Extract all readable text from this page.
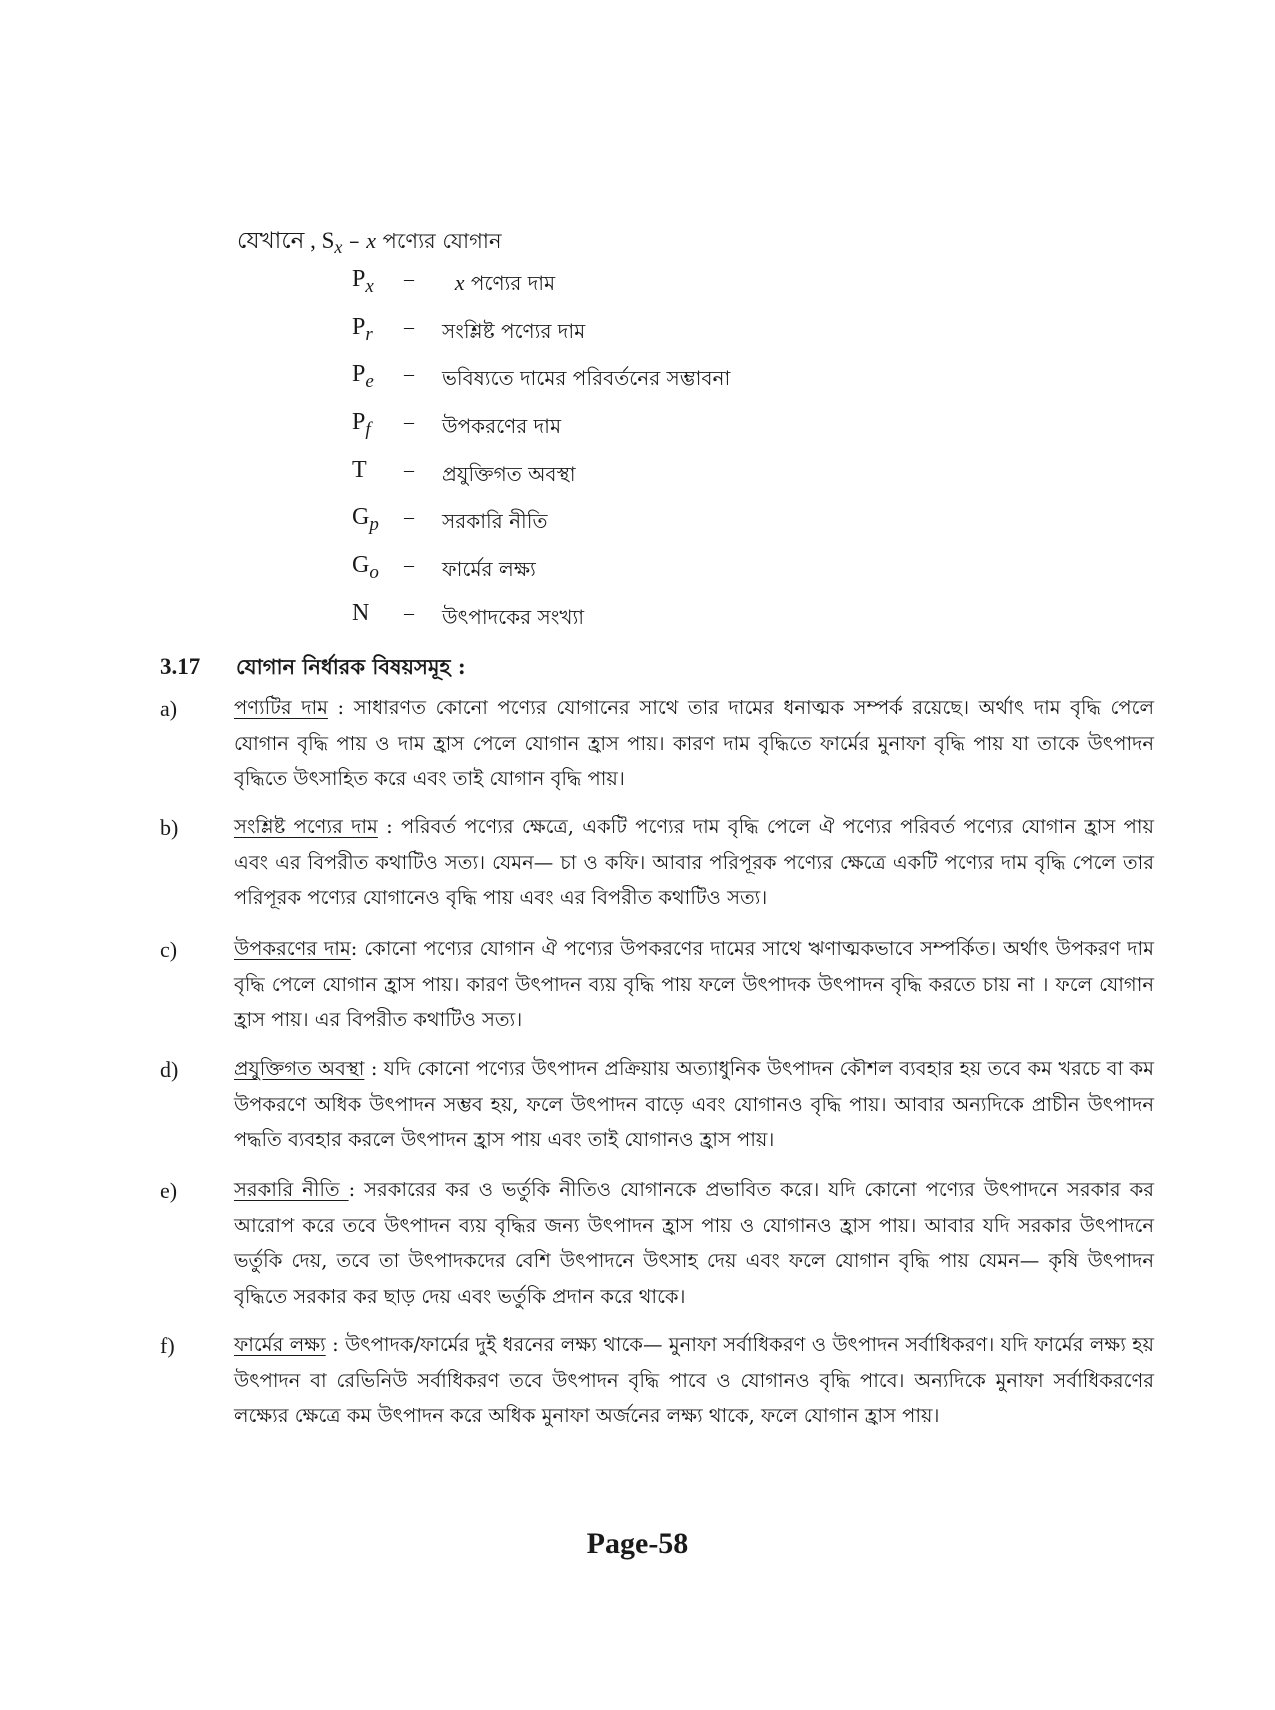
যেখানে , Sx – x পণ্যের যোগান
$P_x$ –	x পণ্যের দাম
$P_r$ – সংশ্লিষ্ট পণ্যের দাম
$P_e$ – ভবিষ্যতে দামের পরিবর্তনের সম্ভাবনা
$P_f$ – উপকরণের দাম
T – প্রযুক্তিগত অবস্থা
$G_p$ – সরকারি নীতি
$G_o$ – ফার্মের লক্ষ্য
N – উৎপাদকের সংখ্যা
3.17 যোগান নির্ধারক বিষয়সমূহ :
a)	পণ্যটির দাম : সাধারণত কোনো পণ্যের যোগানের সাথে তার দামের ধনাত্মক সম্পর্ক রয়েছে। অর্থাৎ দাম বৃদ্ধি পেলে যোগান বৃদ্ধি পায় ও দাম হ্রাস পেলে যোগান হ্রাস পায়। কারণ দাম বৃদ্ধিতে ফার্মের মুনাফা বৃদ্ধি পায় যা তাকে উৎপাদন বৃদ্ধিতে উৎসাহিত করে এবং তাই যোগান বৃদ্ধি পায়।
b)	সংশ্লিষ্ট পণ্যের দাম : পরিবর্ত পণ্যের ক্ষেত্রে, একটি পণ্যের দাম বৃদ্ধি পেলে ঐ পণ্যের পরিবর্ত পণ্যের যোগান হ্রাস পায় এবং এর বিপরীত কথাটিও সত্য। যেমন— চা ও কফি। আবার পরিপূরক পণ্যের ক্ষেত্রে একটি পণ্যের দাম বৃদ্ধি পেলে তার পরিপূরক পণ্যের যোগানেও বৃদ্ধি পায় এবং এর বিপরীত কথাটিও সত্য।
c)	উপকরণের দাম: কোনো পণ্যের যোগান ঐ পণ্যের উপকরণের দামের সাথে ঋণাত্মকভাবে সম্পর্কিত। অর্থাৎ উপকরণ দাম বৃদ্ধি পেলে যোগান হ্রাস পায়। কারণ উৎপাদন ব্যয় বৃদ্ধি পায় ফলে উৎপাদক উৎপাদন বৃদ্ধি করতে চায় না । ফলে যোগান হ্রাস পায়। এর বিপরীত কথাটিও সত্য।
d)	প্রযুক্তিগত অবস্থা : যদি কোনো পণ্যের উৎপাদন প্রক্রিয়ায় অত্যাধুনিক উৎপাদন কৌশল ব্যবহার হয় তবে কম খরচে বা কম উপকরণে অধিক উৎপাদন সম্ভব হয়, ফলে উৎপাদন বাড়ে এবং যোগানও বৃদ্ধি পায়। আবার অন্যদিকে প্রাচীন উৎপাদন পদ্ধতি ব্যবহার করলে উৎপাদন হ্রাস পায় এবং তাই যোগানও হ্রাস পায়।
e)	সরকারি নীতি : সরকারের কর ও ভর্তুকি নীতিও যোগানকে প্রভাবিত করে। যদি কোনো পণ্যের উৎপাদনে সরকার কর আরোপ করে তবে উৎপাদন ব্যয় বৃদ্ধির জন্য উৎপাদন হ্রাস পায় ও যোগানও হ্রাস পায়। আবার যদি সরকার উৎপাদনে ভর্তুকি দেয়, তবে তা উৎপাদকদের বেশি উৎপাদনে উৎসাহ দেয় এবং ফলে যোগান বৃদ্ধি পায় যেমন— কৃষি উৎপাদন বৃদ্ধিতে সরকার কর ছাড় দেয় এবং ভর্তুকি প্রদান করে থাকে।
f)	ফার্মের লক্ষ্য : উৎপাদক/ফার্মের দুই ধরনের লক্ষ্য থাকে— মুনাফা সর্বাধিকরণ ও উৎপাদন সর্বাধিকরণ। যদি ফার্মের লক্ষ্য হয় উৎপাদন বা রেভিনিউ সর্বাধিকরণ তবে উৎপাদন বৃদ্ধি পাবে ও যোগানও বৃদ্ধি পাবে। অন্যদিকে মুনাফা সর্বাধিকরণের লক্ষ্যের ক্ষেত্রে কম উৎপাদন করে অধিক মুনাফা অর্জনের লক্ষ্য থাকে, ফলে যোগান হ্রাস পায়।
Page-58
